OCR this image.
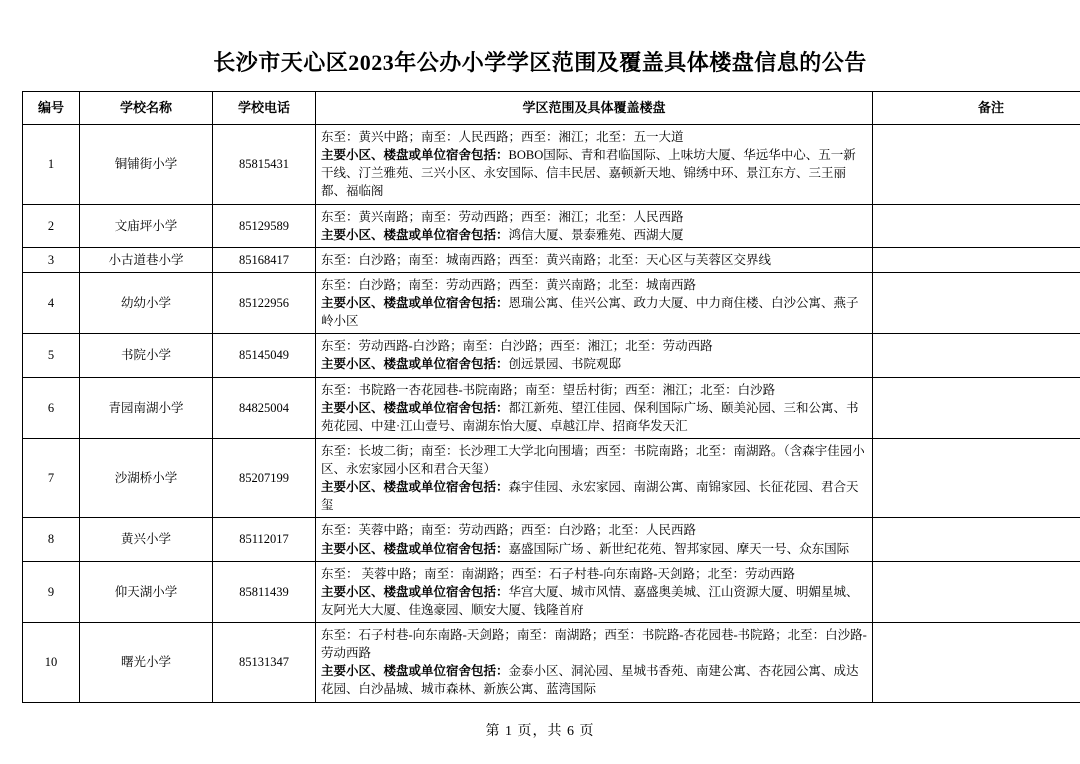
长沙市天心区2023年公办小学学区范围及覆盖具体楼盘信息的公告
编号	学校名称	学校电话	学区范围及具体覆盖楼盘	备注
1	铜铺街小学	85815431	东至：黄兴中路；南至：人民西路；西至：湘江；北至：五一大道
主要小区、楼盘或单位宿舍包括：BOBO国际、青和君临国际、上味坊大厦、华远华中心、五一新干线、汀兰雅苑、三兴小区、永安国际、信丰民居、嘉顿新天地、锦绣中环、景江东方、三王丽都、福临阁	

2	文庙坪小学	85129589	东至：黄兴南路；南至：劳动西路；西至：湘江；北至：人民西路
主要小区、楼盘或单位宿舍包括：鸿信大厦、景泰雅苑、西湖大厦	

3	小古道巷小学	85168417	东至：白沙路；南至：城南西路；西至：黄兴南路；北至：天心区与芙蓉区交界线	

4	幼幼小学	85122956	东至：白沙路；南至：劳动西路；西至：黄兴南路；北至：城南西路
主要小区、楼盘或单位宿舍包括：恩瑞公寓、佳兴公寓、政力大厦、中力商住楼、白沙公寓、燕子岭小区	

5	书院小学	85145049	东至：劳动西路-白沙路；南至：白沙路；西至：湘江；北至：劳动西路
主要小区、楼盘或单位宿舍包括：创远景园、书院观邸	

6	青园南湖小学	84825004	东至：书院路一杏花园巷-书院南路；南至：望岳村街；西至：湘江；北至：白沙路
主要小区、楼盘或单位宿舍包括：都江新苑、望江佳园、保利国际广场、颐美沁园、三和公寓、书苑花园、中建·江山壹号、南湖东怡大厦、卓越江岸、招商华发天汇	

7	沙湖桥小学	85207199	东至：长坡二街；南至：长沙理工大学北向围墙；西至：书院南路；北至：南湖路。（含森宇佳园小区、永宏家园小区和君合天玺）
主要小区、楼盘或单位宿舍包括：森宇佳园、永宏家园、南湖公寓、南锦家园、长征花园、君合天玺	

8	黄兴小学	85112017	东至：芙蓉中路；南至：劳动西路；西至：白沙路；北至：人民西路
主要小区、楼盘或单位宿舍包括：嘉盛国际广场 、新世纪花苑、智邦家园、摩天一号、众东国际	

9	仰天湖小学	85811439	东至： 芙蓉中路；南至：南湖路；西至：石子村巷-向东南路-天剑路；北至：劳动西路
主要小区、楼盘或单位宿舍包括：华宫大厦、城市风情、嘉盛奥美城、江山资源大厦、明媚星城、友阿光大大厦、佳逸豪园、顺安大厦、钱隆首府	

10	曙光小学	85131347	东至：石子村巷-向东南路-天剑路；南至：南湖路；西至：书院路-杏花园巷-书院路；北至：白沙路-劳动西路
主要小区、楼盘或单位宿舍包括：金泰小区、洞沁园、星城书香苑、南建公寓、杏花园公寓、成达花园、白沙晶城、城市森林、新族公寓、蓝湾国际	

第 1 页，共 6 页
